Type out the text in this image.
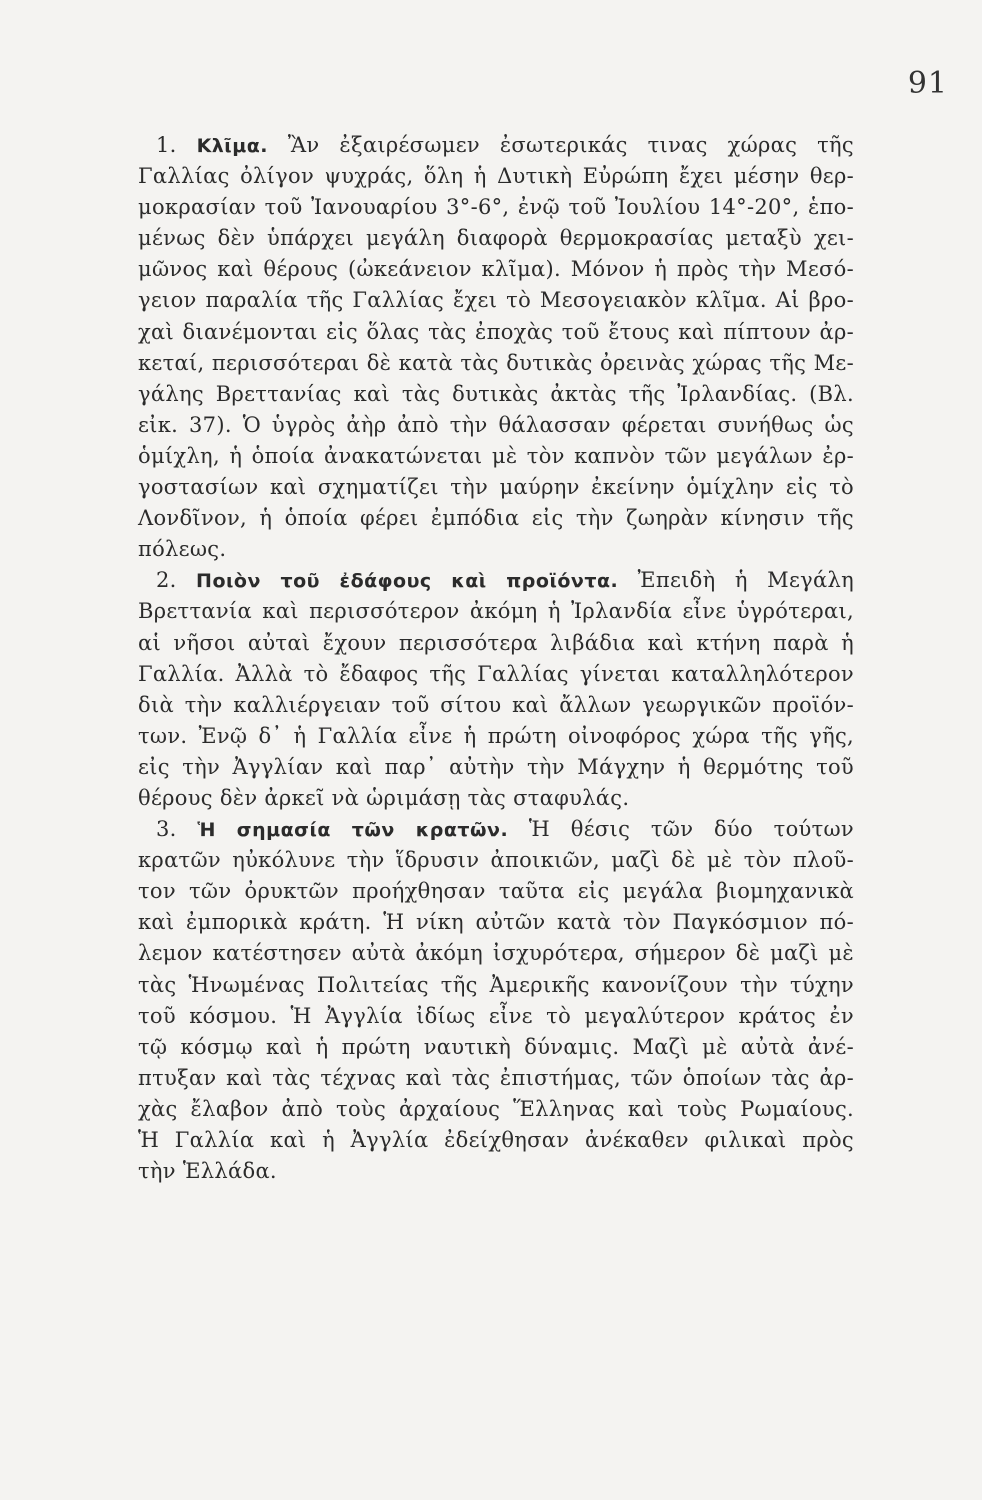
91
1. Κλῖμα. Ἂν ἐξαιρέσωμεν ἐσωτερικάς τινας χώρας τῆς
Γαλλίας ὀλίγον ψυχράς, ὅλη ἡ Δυτικὴ Εὐρώπη ἔχει μέσην θερ-
μοκρασίαν τοῦ Ἰανουαρίου 3°-6°, ἐνῷ τοῦ Ἰουλίου 14°-20°, ἑπο-
μένως δὲν ὑπάρχει μεγάλη διαφορὰ θερμοκρασίας μεταξὺ χει-
μῶνος καὶ θέρους (ὠκεάνειον κλῖμα). Μόνον ἡ πρὸς τὴν Μεσό-
γειον παραλία τῆς Γαλλίας ἔχει τὸ Μεσογειακὸν κλῖμα. Αἱ βρο-
χαὶ διανέμονται εἰς ὅλας τὰς ἐποχὰς τοῦ ἔτους καὶ πίπτουν ἀρ-
κεταί, περισσότεραι δὲ κατὰ τὰς δυτικὰς ὀρεινὰς χώρας τῆς Με-
γάλης Βρεττανίας καὶ τὰς δυτικὰς ἀκτὰς τῆς Ἰρλανδίας. (Βλ.
εἰκ. 37). Ὁ ὑγρὸς ἀὴρ ἀπὸ τὴν θάλασσαν φέρεται συνήθως ὡς
ὁμίχλη, ἡ ὁποία ἀνακατώνεται μὲ τὸν καπνὸν τῶν μεγάλων ἐρ-
γοστασίων καὶ σχηματίζει τὴν μαύρην ἐκείνην ὁμίχλην εἰς τὸ
Λονδῖνον, ἡ ὁποία φέρει ἐμπόδια εἰς τὴν ζωηρὰν κίνησιν τῆς
πόλεως.
2. Ποιὸν τοῦ ἐδάφους καὶ προϊόντα. Ἐπειδὴ ἡ Μεγάλη
Βρεττανία καὶ περισσότερον ἀκόμη ἡ Ἰρλανδία εἶνε ὑγρότεραι,
αἱ νῆσοι αὐταὶ ἔχουν περισσότερα λιβάδια καὶ κτήνη παρὰ ἡ
Γαλλία. Ἀλλὰ τὸ ἔδαφος τῆς Γαλλίας γίνεται καταλληλότερον
διὰ τὴν καλλιέργειαν τοῦ σίτου καὶ ἄλλων γεωργικῶν προϊόν-
των. Ἐνῷ δ᾽ ἡ Γαλλία εἶνε ἡ πρώτη οἰνοφόρος χώρα τῆς γῆς,
εἰς τὴν Ἀγγλίαν καὶ παρ᾽ αὐτὴν τὴν Μάγχην ἡ θερμότης τοῦ
θέρους δὲν ἀρκεῖ νὰ ὡριμάσῃ τὰς σταφυλάς.
3. Ἡ σημασία τῶν κρατῶν. Ἡ θέσις τῶν δύο τούτων
κρατῶν ηὐκόλυνε τὴν ἵδρυσιν ἀποικιῶν, μαζὶ δὲ μὲ τὸν πλοῦ-
τον τῶν ὀρυκτῶν προήχθησαν ταῦτα εἰς μεγάλα βιομηχανικὰ
καὶ ἐμπορικὰ κράτη. Ἡ νίκη αὐτῶν κατὰ τὸν Παγκόσμιον πό-
λεμον κατέστησεν αὐτὰ ἀκόμη ἰσχυρότερα, σήμερον δὲ μαζὶ μὲ
τὰς Ἡνωμένας Πολιτείας τῆς Ἀμερικῆς κανονίζουν τὴν τύχην
τοῦ κόσμου. Ἡ Ἀγγλία ἰδίως εἶνε τὸ μεγαλύτερον κράτος ἐν
τῷ κόσμῳ καὶ ἡ πρώτη ναυτικὴ δύναμις. Μαζὶ μὲ αὐτὰ ἀνέ-
πτυξαν καὶ τὰς τέχνας καὶ τὰς ἐπιστήμας, τῶν ὁποίων τὰς ἀρ-
χὰς ἔλαβον ἀπὸ τοὺς ἀρχαίους Ἕλληνας καὶ τοὺς Ρωμαίους.
Ἡ Γαλλία καὶ ἡ Ἀγγλία ἐδείχθησαν ἀνέκαθεν φιλικαὶ πρὸς
τὴν Ἑλλάδα.
